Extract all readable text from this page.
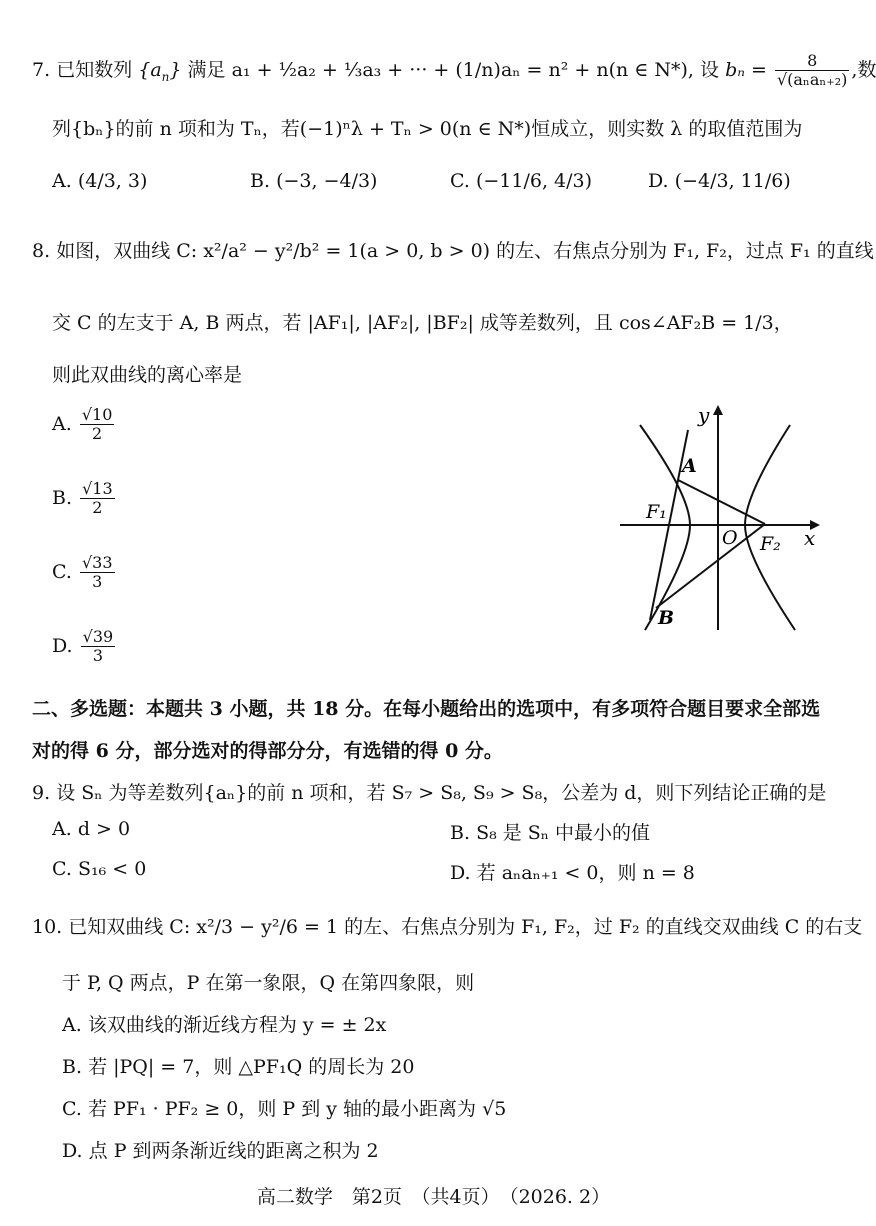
7. 已知数列 $\{a_n\}$ 满足 a₁ + ½a₂ + ⅓a₃ + ··· + (1/n)aₙ = n² + n(n ∈ N*), 设 $b_n = \frac{8}{\text{√(aₙaₙ₊₂)}}$ ,数
列{bₙ}的前 n 项和为 Tₙ，若(−1)ⁿλ + Tₙ > 0(n ∈ N*)恒成立，则实数 λ 的取值范围为
A. (4/3, 3)	B. (−3, −4/3)	C. (−11/6, 4/3)	D. (−4/3, 11/6)
8. 如图，双曲线 C: x²/a² − y²/b² = 1(a > 0, b > 0) 的左、右焦点分别为 F₁, F₂，过点 F₁ 的直线
交 C 的左支于 A, B 两点，若 |AF₁|, |AF₂|, |BF₂| 成等差数列，且 cos∠AF₂B = 1/3，
则此双曲线的离心率是
A. $\frac{√10}{2}$
B. $\frac{√13}{2}$
C. $\frac{√33}{3}$
D. $\frac{√39}{3}$
y
x
A
B
F₁
O F₂
二、多选题：本题共 3 小题，共 18 分。在每小题给出的选项中，有多项符合题目要求全部选
对的得 6 分，部分选对的得部分分，有选错的得 0 分。
9. 设 Sₙ 为等差数列{aₙ}的前 n 项和，若 S₇ > S₈, S₉ > S₈，公差为 d，则下列结论正确的是
A. d > 0	B. S₈ 是 Sₙ 中最小的值
C. S₁₆ < 0	D. 若 aₙaₙ₊₁ < 0，则 n = 8
10. 已知双曲线 C: x²/3 − y²/6 = 1 的左、右焦点分别为 F₁, F₂，过 F₂ 的直线交双曲线 C 的右支
于 P, Q 两点，P 在第一象限，Q 在第四象限，则
A. 该双曲线的渐近线方程为 y = ± 2x
B. 若 |PQ| = 7，则 △PF₁Q 的周长为 20
C. 若 PF₁ · PF₂ ≥ 0，则 P 到 y 轴的最小距离为 √5
D. 点 P 到两条渐近线的距离之积为 2
高二数学　第2页　（共4页）　（2026. 2）
